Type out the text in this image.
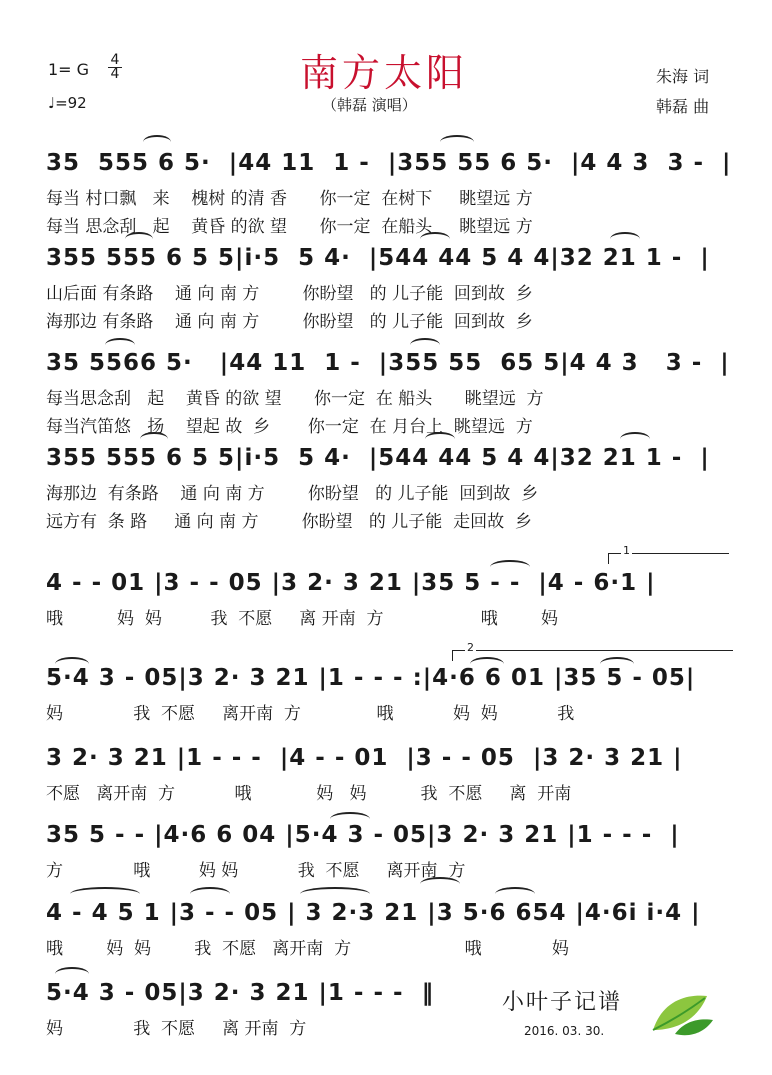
1= G 4
4
♩=92
南方太阳
（韩磊 演唱）
朱海 词
韩磊 曲
35  555 6 5·  |44 11  1 -  |355 55 6 5·  |4 4 3  3 -  |
每当 村口飘   来    槐树 的清 香      你一定  在树下     眺望远 方
每当 思念刮   起    黄昏 的欲 望      你一定  在船头     眺望远 方
355 555 6 5 5|i·5  5 4·  |544 44 5 4 4|32 21 1 -  |
山后面 有条路    通 向 南 方        你盼望   的 儿子能  回到故  乡
海那边 有条路    通 向 南 方        你盼望   的 儿子能  回到故  乡
35 5566 5·   |44 11  1 -  |355 55  65 5|4 4 3   3 -  |
每当思念刮   起    黄昏 的欲 望      你一定  在 船头      眺望远  方
每当汽笛悠   扬    望起 故  乡       你一定  在 月台上  眺望远  方
355 555 6 5 5|i·5  5 4·  |544 44 5 4 4|32 21 1 -  |
海那边  有条路    通 向 南 方        你盼望   的 儿子能  回到故  乡
远方有  条 路     通 向 南 方        你盼望   的 儿子能  走回故  乡
4 - - 01 |3 - - 05 |3 2· 3 21 |35 5 - -  |4 - 6·1 |
哦          妈  妈         我  不愿     离 开南  方                  哦        妈
5·4 3 - 05|3 2· 3 21 |1 - - - :|4·6 6 01 |35 5 - 05|
妈             我  不愿     离开南  方              哦           妈  妈           我
3 2· 3 21 |1 - - -  |4 - - 01  |3 - - 05  |3 2· 3 21 |
不愿   离开南  方           哦            妈   妈          我  不愿     离  开南
35 5 - - |4·6 6 04 |5·4 3 - 05|3 2· 3 21 |1 - - -  |
方             哦         妈 妈           我  不愿     离开南  方
4 - 4 5 1 |3 - - 05 | 3 2·3 21 |3 5·6 654 |4·6i i·4 |
哦        妈  妈        我  不愿   离开南  方                     哦             妈
5·4 3 - 05|3 2· 3 21 |1 - - -  ‖
妈             我  不愿     离 开南  方
小叶子记谱
2016. 03. 30.
1
2
